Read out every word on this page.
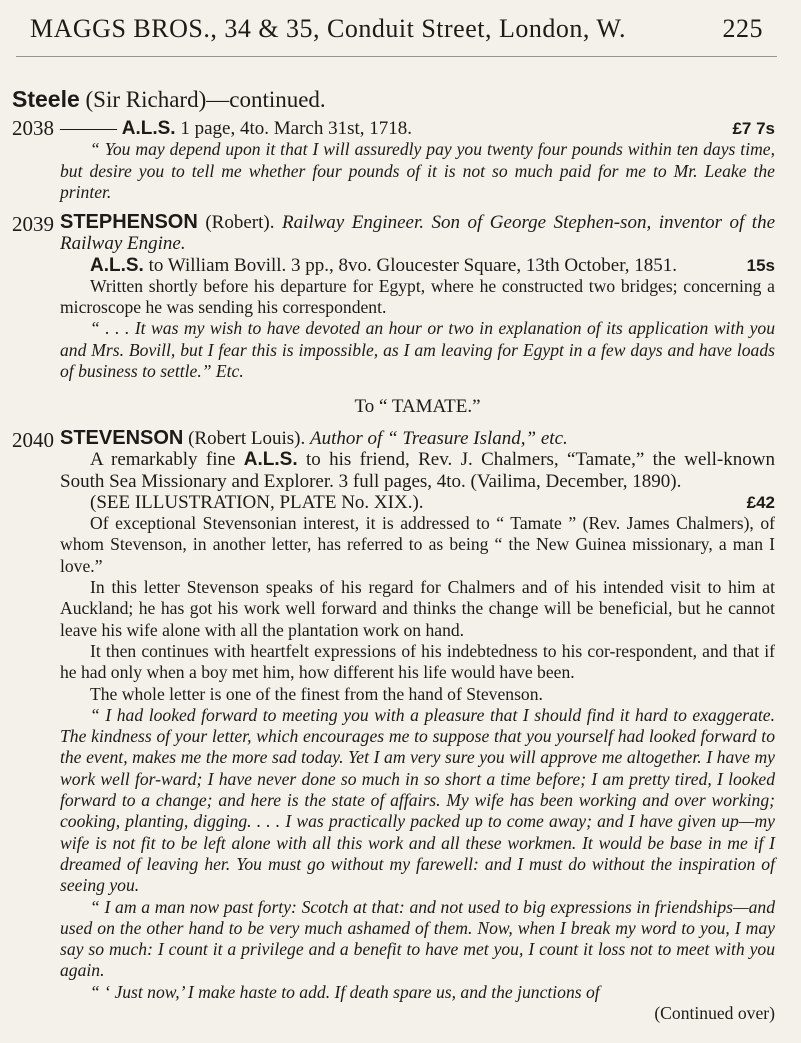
MAGGS BROS., 34 & 35, Conduit Street, London, W.	225
Steele (Sir Richard)—continued.
2038 ——— A.L.S. 1 page, 4to. March 31st, 1718.	£7 7s

“ You may depend upon it that I will assuredly pay you twenty four pounds within ten days time, but desire you to tell me whether four pounds of it is not so much paid for me to Mr. Leake the printer.

2039 STEPHENSON (Robert). Railway Engineer. Son of George Stephen-son, inventor of the Railway Engine.

A.L.S. to William Bovill. 3 pp., 8vo. Gloucester Square, 13th October, 1851.	15s

Written shortly before his departure for Egypt, where he constructed two bridges; concerning a microscope he was sending his correspondent.

“ . . . It was my wish to have devoted an hour or two in explanation of its application with you and Mrs. Bovill, but I fear this is impossible, as I am leaving for Egypt in a few days and have loads of business to settle.” Etc.

To “ TAMATE.”

2040 STEVENSON (Robert Louis). Author of “ Treasure Island,” etc.

A remarkably fine A.L.S. to his friend, Rev. J. Chalmers, “Tamate,” the well-known South Sea Missionary and Explorer. 3 full pages, 4to. (Vailima, December, 1890).

(SEE ILLUSTRATION, PLATE No. XIX.).	£42

Of exceptional Stevensonian interest, it is addressed to “ Tamate ” (Rev. James Chalmers), of whom Stevenson, in another letter, has referred to as being “ the New Guinea missionary, a man I love.”

In this letter Stevenson speaks of his regard for Chalmers and of his intended visit to him at Auckland; he has got his work well forward and thinks the change will be beneficial, but he cannot leave his wife alone with all the plantation work on hand.

It then continues with heartfelt expressions of his indebtedness to his cor-respondent, and that if he had only when a boy met him, how different his life would have been.

The whole letter is one of the finest from the hand of Stevenson.

“ I had looked forward to meeting you with a pleasure that I should find it hard to exaggerate. The kindness of your letter, which encourages me to suppose that you yourself had looked forward to the event, makes me the more sad today. Yet I am very sure you will approve me altogether. I have my work well for-ward; I have never done so much in so short a time before; I am pretty tired, I looked forward to a change; and here is the state of affairs. My wife has been working and over working; cooking, planting, digging. . . . I was practically packed up to come away; and I have given up—my wife is not fit to be left alone with all this work and all these workmen. It would be base in me if I dreamed of leaving her. You must go without my farewell: and I must do without the inspiration of seeing you.

“ I am a man now past forty: Scotch at that: and not used to big expressions in friendships—and used on the other hand to be very much ashamed of them. Now, when I break my word to you, I may say so much: I count it a privilege and a benefit to have met you, I count it loss not to meet with you again.

“ ‘ Just now,’ I make haste to add. If death spare us, and the junctions of

(Continued over)
